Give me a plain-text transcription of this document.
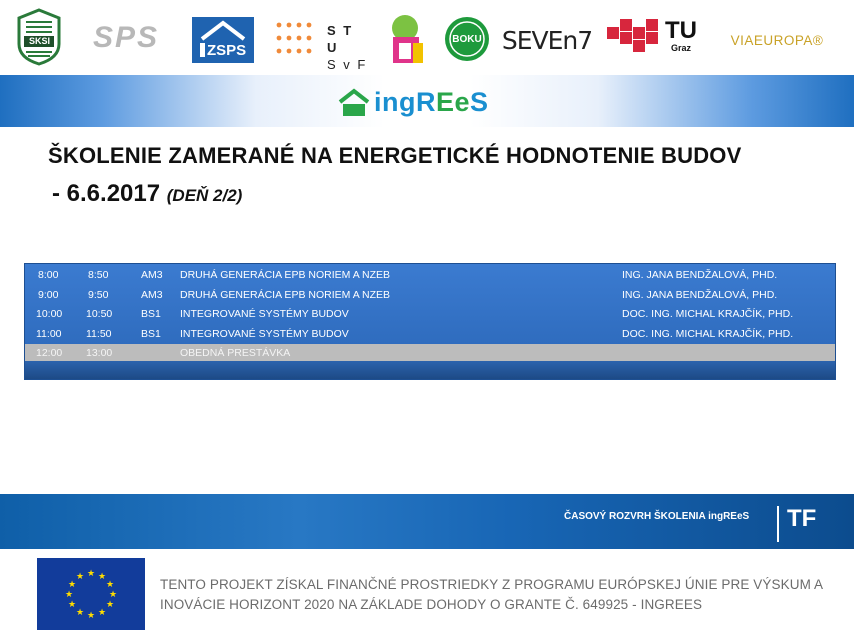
SKSI SPS	ZSPS
S T U
S v F
BOKU SEVEn7	TU
Graz
VIAEUROPA®
ingREeS
ŠKOLENIE ZAMERANÉ NA ENERGETICKÉ HODNOTENIE BUDOV
- 6.6.2017 (DEŇ 2/2)
8:00	8:50	AM3 DRUHÁ GENERÁCIA EPB NORIEM A NZEB	ING. JANA BENDŽALOVÁ, PHD.
9:00	9:50	AM3 DRUHÁ GENERÁCIA EPB NORIEM A NZEB	ING. JANA BENDŽALOVÁ, PHD.
10:00 10:50	BS1 INTEGROVANÉ SYSTÉMY BUDOV	DOC. ING. MICHAL KRAJČÍK, PHD.
11:00 11:50	BS1 INTEGROVANÉ SYSTÉMY BUDOV	DOC. ING. MICHAL KRAJČÍK, PHD.
12:00 13:00	OBEDNÁ PRESTÁVKA
ČASOVÝ ROZVRH ŠKOLENIA ingREeS TF
★ ★
★
★
★
★
★
★
★
★
★
★	TENTO PROJEKT ZÍSKAL FINANČNÉ PROSTRIEDKY Z PROGRAMU EURÓPSKEJ ÚNIE PRE VÝSKUM A
INOVÁCIE HORIZONT 2020 NA ZÁKLADE DOHODY O GRANTE Č. 649925 - INGREES
